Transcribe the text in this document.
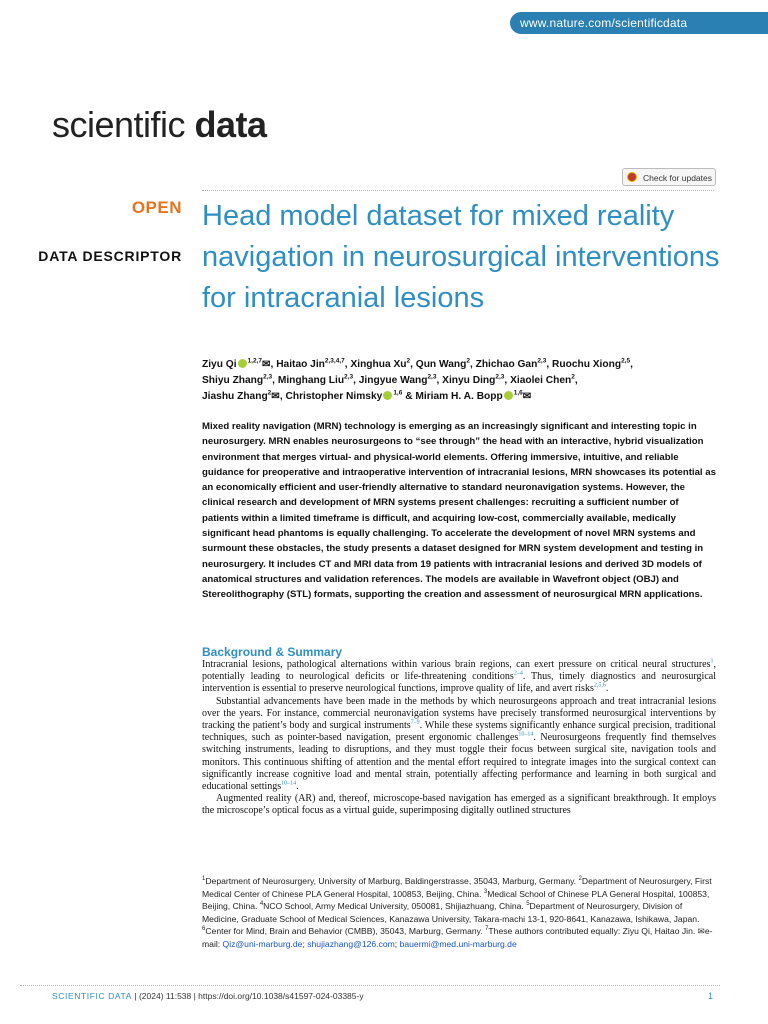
www.nature.com/scientificdata
scientific data
Check for updates
OPEN
DATA DESCRIPTOR
Head model dataset for mixed reality navigation in neurosurgical interventions for intracranial lesions
Ziyu Qi $^{1,2,7}$✉, Haitao Jin$^{2,3,4,7}$, Xinghua Xu$^2$, Qun Wang$^2$, Zhichao Gan$^{2,3}$, Ruochu Xiong$^{2,5}$,
Shiyu Zhang$^{2,3}$, Minghang Liu$^{2,3}$, Jingyue Wang$^{2,3}$, Xinyu Ding$^{2,3}$, Xiaolei Chen$^2$,
Jiashu Zhang$^2$✉, Christopher Nimsky $^{1,6}$ & Miriam H. A. Bopp $^{1,6}$✉
Mixed reality navigation (MRN) technology is emerging as an increasingly significant and interesting topic in neurosurgery. MRN enables neurosurgeons to “see through” the head with an interactive, hybrid visualization environment that merges virtual- and physical-world elements. Offering immersive, intuitive, and reliable guidance for preoperative and intraoperative intervention of intracranial lesions, MRN showcases its potential as an economically efficient and user-friendly alternative to standard neuronavigation systems. However, the clinical research and development of MRN systems present challenges: recruiting a sufficient number of patients within a limited timeframe is difficult, and acquiring low-cost, commercially available, medically significant head phantoms is equally challenging. To accelerate the development of novel MRN systems and surmount these obstacles, the study presents a dataset designed for MRN system development and testing in neurosurgery. It includes CT and MRI data from 19 patients with intracranial lesions and derived 3D models of anatomical structures and validation references. The models are available in Wavefront object (OBJ) and Stereolithography (STL) formats, supporting the creation and assessment of neurosurgical MRN applications.
Background & Summary

Intracranial lesions, pathological alternations within various brain regions, can exert pressure on critical neural structures$^1$, potentially leading to neurological deficits or life-threatening conditions$^{2-4}$. Thus, timely diagnostics and neurosurgical intervention is essential to preserve neurological functions, improve quality of life, and avert risks$^{2,5,6}$.

Substantial advancements have been made in the methods by which neurosurgeons approach and treat intracranial lesions over the years. For instance, commercial neuronavigation systems have precisely transformed neurosurgical interventions by tracking the patient’s body and surgical instruments$^{7-9}$. While these systems significantly enhance surgical precision, traditional techniques, such as pointer-based navigation, present ergonomic challenges$^{10-14}$. Neurosurgeons frequently find themselves switching instruments, leading to disruptions, and they must toggle their focus between surgical site, navigation tools and monitors. This continuous shifting of attention and the mental effort required to integrate images into the surgical context can significantly increase cognitive load and mental strain, potentially affecting performance and learning in both surgical and educational settings$^{10-14}$.

Augmented reality (AR) and, thereof, microscope-based navigation has emerged as a significant breakthrough. It employs the microscope’s optical focus as a virtual guide, superimposing digitally outlined structures

$^1$Department of Neurosurgery, University of Marburg, Baldingerstrasse, 35043, Marburg, Germany. $^2$Department of Neurosurgery, First Medical Center of Chinese PLA General Hospital, 100853, Beijing, China. $^3$Medical School of Chinese PLA General Hospital, 100853, Beijing, China. $^4$NCO School, Army Medical University, 050081, Shijiazhuang, China. $^5$Department of Neurosurgery, Division of Medicine, Graduate School of Medical Sciences, Kanazawa University, Takara-machi 13-1, 920-8641, Kanazawa, Ishikawa, Japan. $^6$Center for Mind, Brain and Behavior (CMBB), 35043, Marburg, Germany. $^7$These authors contributed equally: Ziyu Qi, Haitao Jin. ✉e-mail: Qiz@uni-marburg.de; shujiazhang@126.com; bauermi@med.uni-marburg.de
SCIENTIFIC DATA | (2024) 11:538 | https://doi.org/10.1038/s41597-024-03385-y	1
